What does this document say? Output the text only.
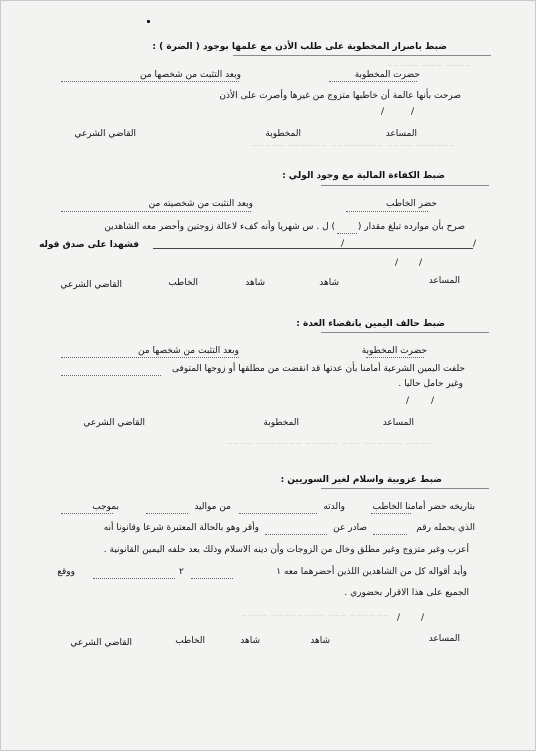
~~~~ ~~~ ~~~~~
~~~~~~ ~~~~ ~~~~~~~~ ~~~~~~ ~~~~~
~~~~ ~~~~~~ ~~~ ~~~~~ ~~~~~~~ ~~~~
~~~~~~ ~~~ ~~~~~~~~ ~~~~
ضبط باصرار المخطوبة على طلب الأذن مع علمها بوجود ( الضرة ) :
حضرت المخطوبة
وبعد التثبت من شخصها من
صرحت بأنها عالمة أن خاطبها متزوج من غيرها وأصرت على الأذن
/
/
المساعد
المخطوبة
القاضي الشرعي
ضبط الكفاءة المالية مع وجود الولي :
حضر الخاطب
وبعد التثبت من شخصيته من
صرح بأن موارده تبلغ مقدار (
) ل . س شهريا وأنه كفء لاعالة زوجتين وأحضر معه الشاهدين
/	/
فشهدا على صدق قوله
/
/
المساعد
شاهد
شاهد
الخاطب
القاضي الشرعي
ضبط حالف اليمين بانقضاء العدة :
حضرت المخطوبة
وبعد التثبت من شخصها من
حلفت اليمين الشرعية أمامنا بأن عدتها قد انقضت من مطلقها أو زوجها المتوفى
وغير حامل حاليا .
/
/
المساعد
المخطوبة
القاضي الشرعي
ضبط عزوبية واسلام لغير السوريين :
بتاريخه حضر أمامنا الخاطب
والدته
من مواليد
بموجب
الذي يحمله رقم
صادر عن
وأقر وهو بالحالة المعتبرة شرعا وقانونا أنه
أعزب وغير متزوج وغير مطلق وخال من الزوجات وأن دينه الاسلام وذلك بعد حلفه اليمين القانونية .
وأيد أقواله كل من الشاهدين اللذين أحضرهما معه ١
٢
ووقع
الجميع على هذا الاقرار بحضوري .
/
/
المساعد
شاهد
شاهد
الخاطب
القاضي الشرعي
